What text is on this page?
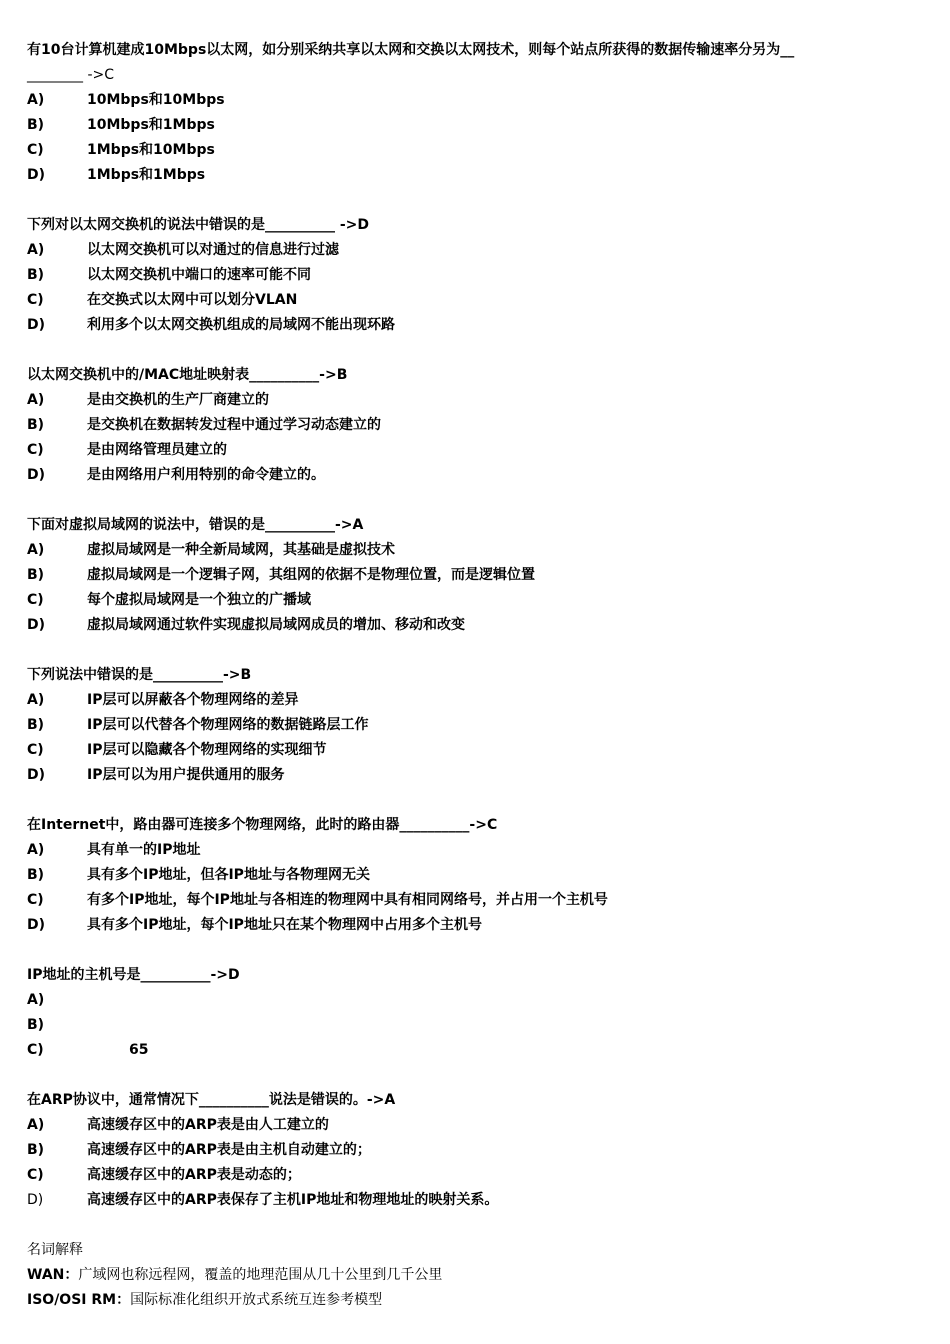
有10台计算机建成10Mbps以太网，如分别采纳共享以太网和交换以太网技术，则每个站点所获得的数据传输速率分另为__
________ ->C
A)	10Mbps和10Mbps
B)	10Mbps和1Mbps
C)	1Mbps和10Mbps
D)	1Mbps和1Mbps
下列对以太网交换机的说法中错误的是__________ ->D
A)	以太网交换机可以对通过的信息进行过滤
B)	以太网交换机中端口的速率可能不同
C)	在交换式以太网中可以划分VLAN
D)	利用多个以太网交换机组成的局域网不能出现环路
以太网交换机中的/MAC地址映射表__________->B
A)	是由交换机的生产厂商建立的
B)	是交换机在数据转发过程中通过学习动态建立的
C)	是由网络管理员建立的
D)	是由网络用户利用特别的命令建立的。
下面对虚拟局域网的说法中，错误的是__________->A
A)	虚拟局域网是一种全新局域网，其基础是虚拟技术
B)	虚拟局域网是一个逻辑子网，其组网的依据不是物理位置，而是逻辑位置
C)	每个虚拟局域网是一个独立的广播域
D)	虚拟局域网通过软件实现虚拟局域网成员的增加、移动和改变
下列说法中错误的是__________->B
A)	IP层可以屏蔽各个物理网络的差异
B)	IP层可以代替各个物理网络的数据链路层工作
C)	IP层可以隐藏各个物理网络的实现细节
D)	IP层可以为用户提供通用的服务
在Internet中，路由器可连接多个物理网络，此时的路由器__________->C
A)	具有单一的IP地址
B)	具有多个IP地址，但各IP地址与各物理网无关
C)	有多个IP地址，每个IP地址与各相连的物理网中具有相同网络号，并占用一个主机号
D)	具有多个IP地址，每个IP地址只在某个物理网中占用多个主机号
IP地址的主机号是__________->D
A)
B)
C)	65
在ARP协议中，通常情况下__________说法是错误的。->A
A)	高速缓存区中的ARP表是由人工建立的
B)	高速缓存区中的ARP表是由主机自动建立的；
C)	高速缓存区中的ARP表是动态的；
D)	高速缓存区中的ARP表保存了主机IP地址和物理地址的映射关系。
名词解释
WAN：广域网也称远程网，覆盖的地理范围从几十公里到几千公里
ISO/OSI RM：国际标准化组织开放式系统互连参考模型
